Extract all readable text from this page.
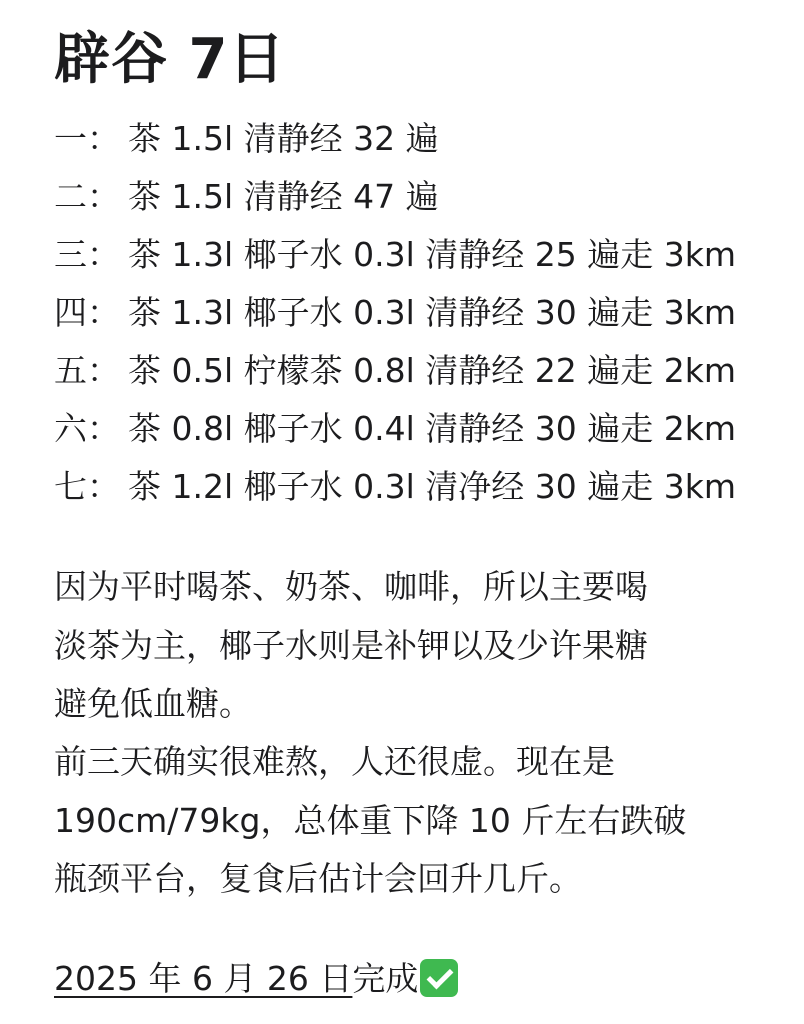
辟谷 7日
一： 茶 1.5l 清静经 32 遍
二： 茶 1.5l 清静经 47 遍
三： 茶 1.3l 椰子水 0.3l 清静经 25 遍走 3km
四： 茶 1.3l 椰子水 0.3l 清静经 30 遍走 3km
五： 茶 0.5l 柠檬茶 0.8l 清静经 22 遍走 2km
六： 茶 0.8l 椰子水 0.4l 清静经 30 遍走 2km
七： 茶 1.2l 椰子水 0.3l 清净经 30 遍走 3km

因为平时喝茶、奶茶、咖啡，所以主要喝
淡茶为主，椰子水则是补钾以及少许果糖
避免低血糖。

前三天确实很难熬，人还很虚。现在是
190cm/79kg，总体重下降 10 斤左右跌破
瓶颈平台，复食后估计会回升几斤。

2025 年 6 月 26 日完成
